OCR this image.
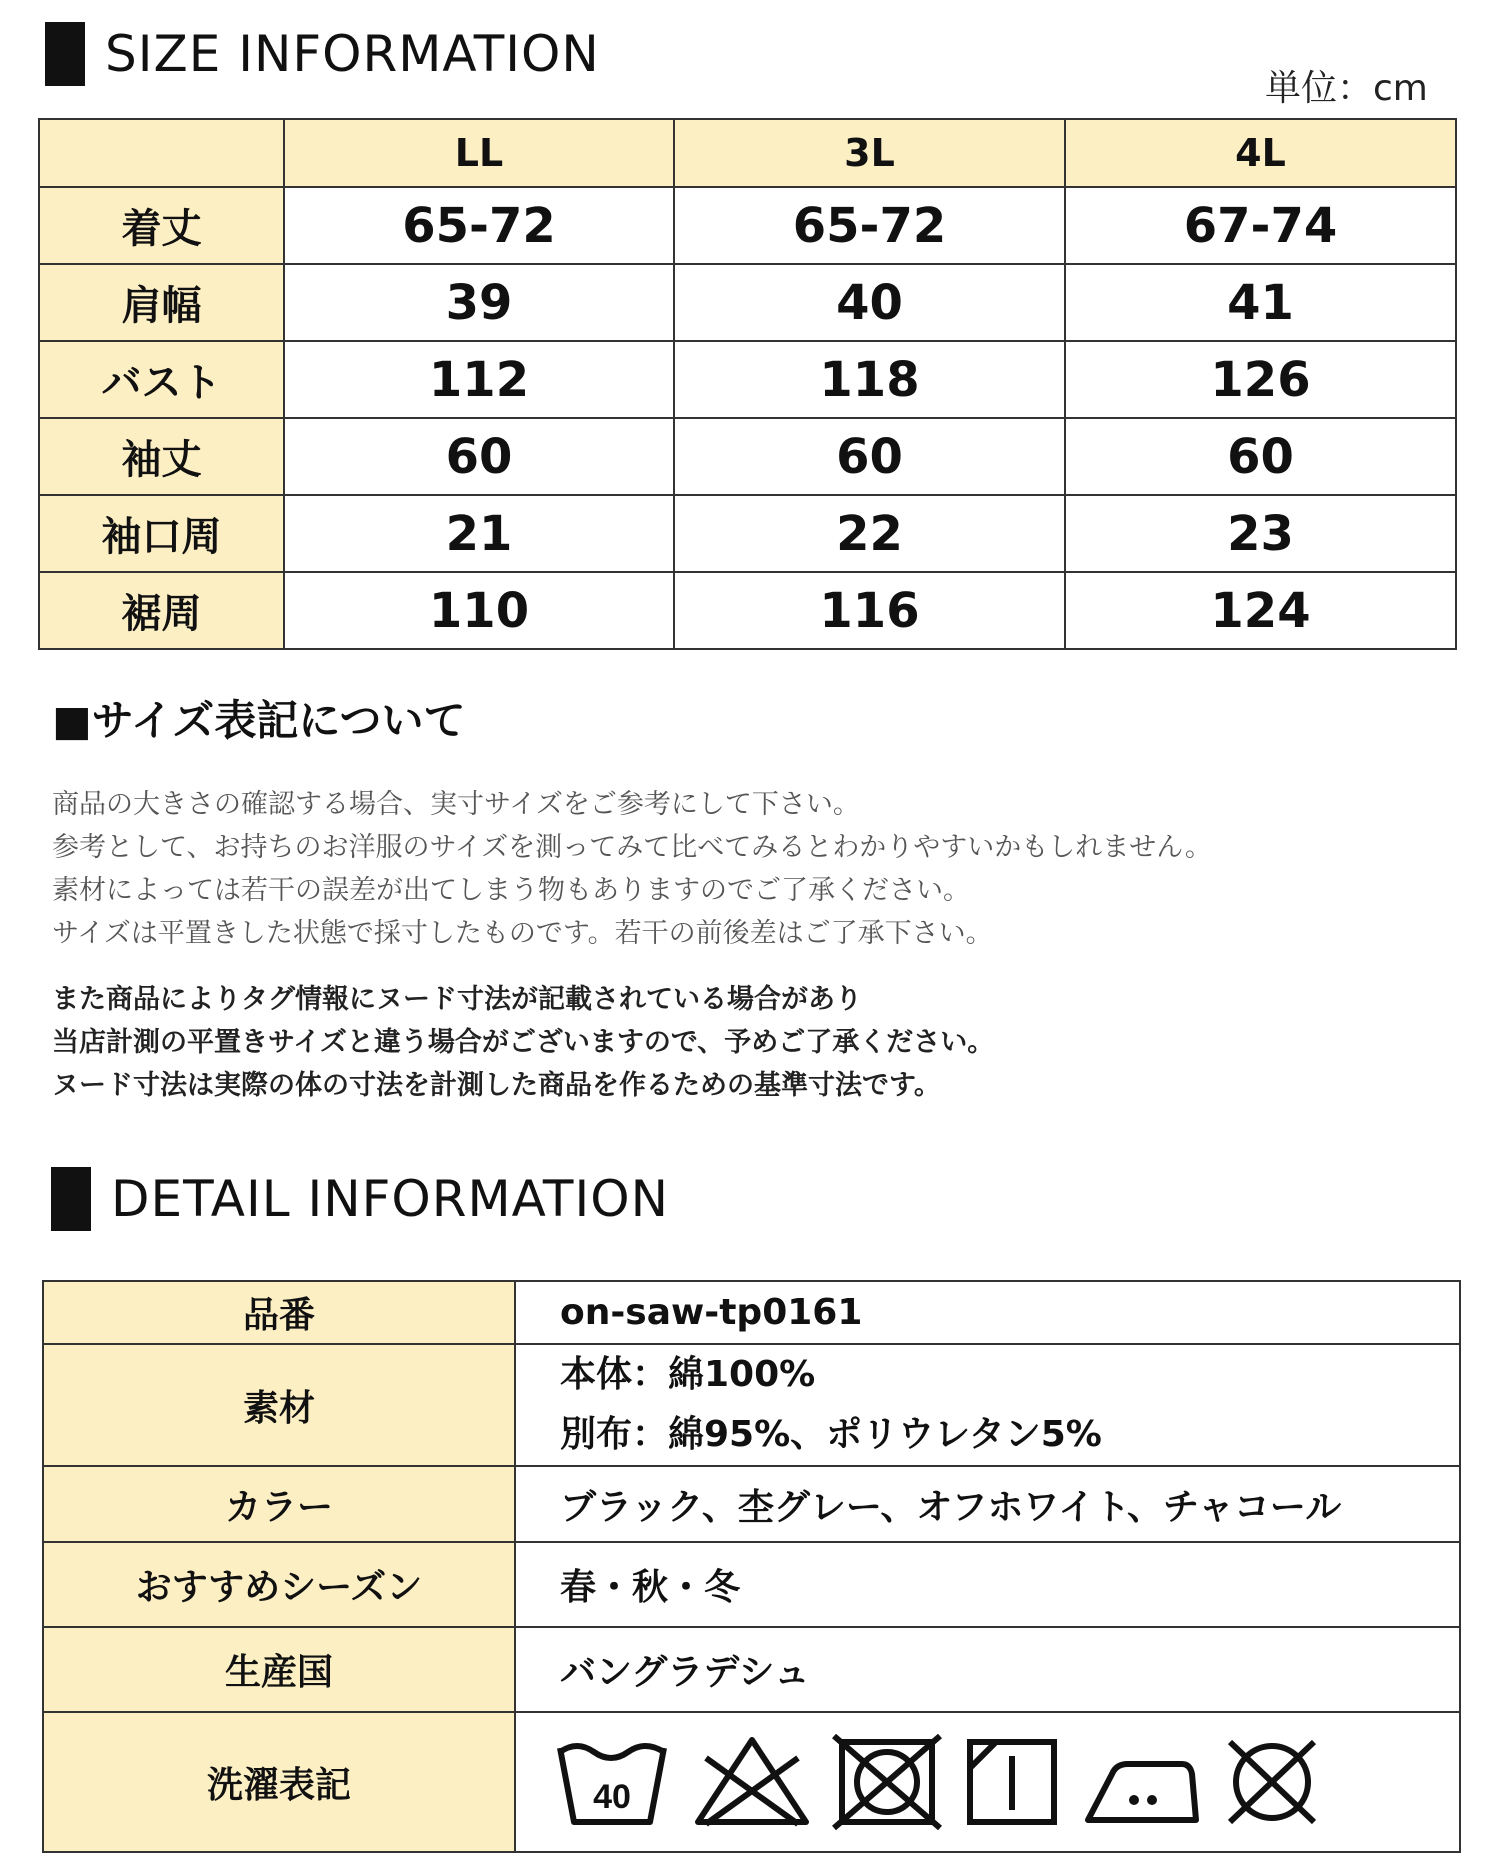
SIZE INFORMATION
単位：cm
	LL	3L	4L
着丈	65-72	65-72	67-74
肩幅	39	40	41
バスト	112	118	126
袖丈	60	60	60
袖口周	21	22	23
裾周	110	116	124
■サイズ表記について
商品の大きさの確認する場合、実寸サイズをご参考にして下さい。
参考として、お持ちのお洋服のサイズを測ってみて比べてみるとわかりやすいかもしれません。
素材によっては若干の誤差が出てしまう物もありますのでご了承ください。
サイズは平置きした状態で採寸したものです。若干の前後差はご了承下さい。
また商品によりタグ情報にヌード寸法が記載されている場合があり
当店計測の平置きサイズと違う場合がございますので、予めご了承ください。
ヌード寸法は実際の体の寸法を計測した商品を作るための基準寸法です。
DETAIL INFORMATION
品番	on-saw-tp0161
素材	本体：綿100%
別布：綿95%、ポリウレタン5%

カラー	ブラック、杢グレー、オフホワイト、チャコール
おすすめシーズン	春・秋・冬
生産国	バングラデシュ
洗濯表記	40
